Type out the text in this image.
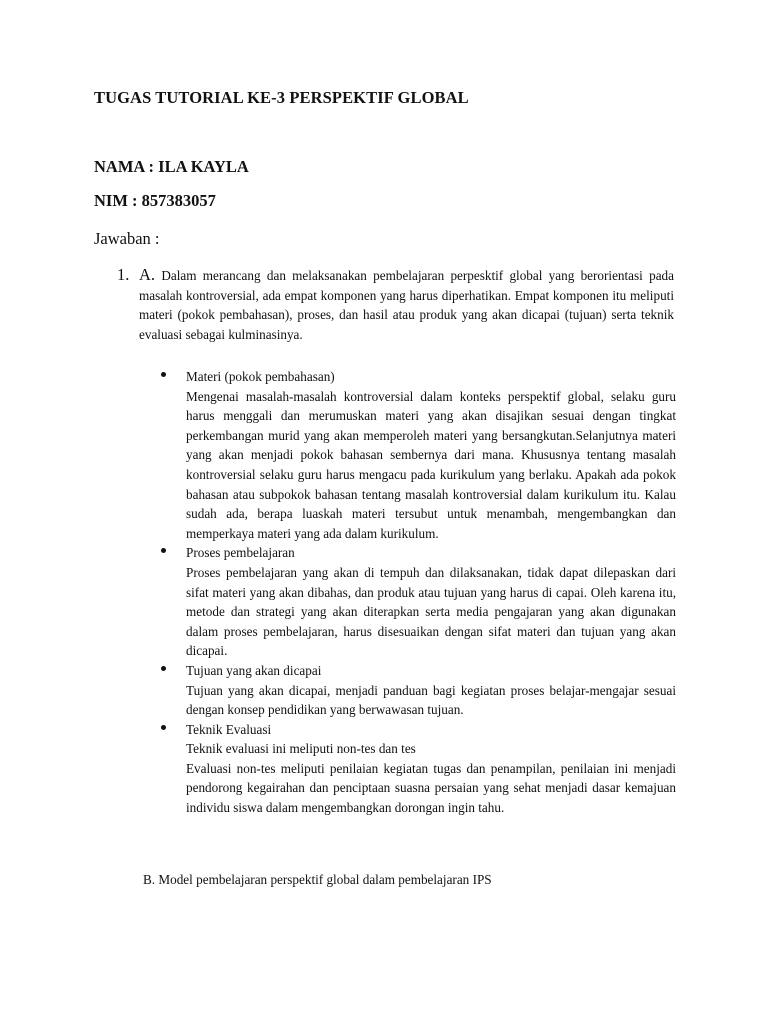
TUGAS TUTORIAL KE-3 PERSPEKTIF GLOBAL
NAMA : ILA KAYLA
NIM : 857383057
Jawaban :
1. A. Dalam merancang dan melaksanakan pembelajaran perpesktif global yang berorientasi pada masalah kontroversial, ada empat komponen yang harus diperhatikan. Empat komponen itu meliputi materi (pokok pembahasan), proses, dan hasil atau produk yang akan dicapai (tujuan) serta teknik evaluasi sebagai kulminasinya.
Materi (pokok pembahasan)
Mengenai masalah-masalah kontroversial dalam konteks perspektif global, selaku guru harus menggali dan merumuskan materi yang akan disajikan sesuai dengan tingkat perkembangan murid yang akan memperoleh materi yang bersangkutan.Selanjutnya materi yang akan menjadi pokok bahasan sembernya dari mana. Khususnya tentang masalah kontroversial selaku guru harus mengacu pada kurikulum yang berlaku. Apakah ada pokok bahasan atau subpokok bahasan tentang masalah kontroversial dalam kurikulum itu. Kalau sudah ada, berapa luaskah materi tersubut untuk menambah, mengembangkan dan memperkaya materi yang ada dalam kurikulum.
Proses pembelajaran
Proses pembelajaran yang akan di tempuh dan dilaksanakan, tidak dapat dilepaskan dari sifat materi yang akan dibahas, dan produk atau tujuan yang harus di capai. Oleh karena itu, metode dan strategi yang akan diterapkan serta media pengajaran yang akan digunakan dalam proses pembelajaran, harus disesuaikan dengan sifat materi dan tujuan yang akan dicapai.
Tujuan yang akan dicapai
Tujuan yang akan dicapai, menjadi panduan bagi kegiatan proses belajar-mengajar sesuai dengan konsep pendidikan yang berwawasan tujuan.
Teknik Evaluasi
Teknik evaluasi ini meliputi non-tes dan tes
Evaluasi non-tes meliputi penilaian kegiatan tugas dan penampilan, penilaian ini menjadi pendorong kegairahan dan penciptaan suasna persaian yang sehat menjadi dasar kemajuan individu siswa dalam mengembangkan dorongan ingin tahu.
B. Model pembelajaran perspektif global dalam pembelajaran IPS
